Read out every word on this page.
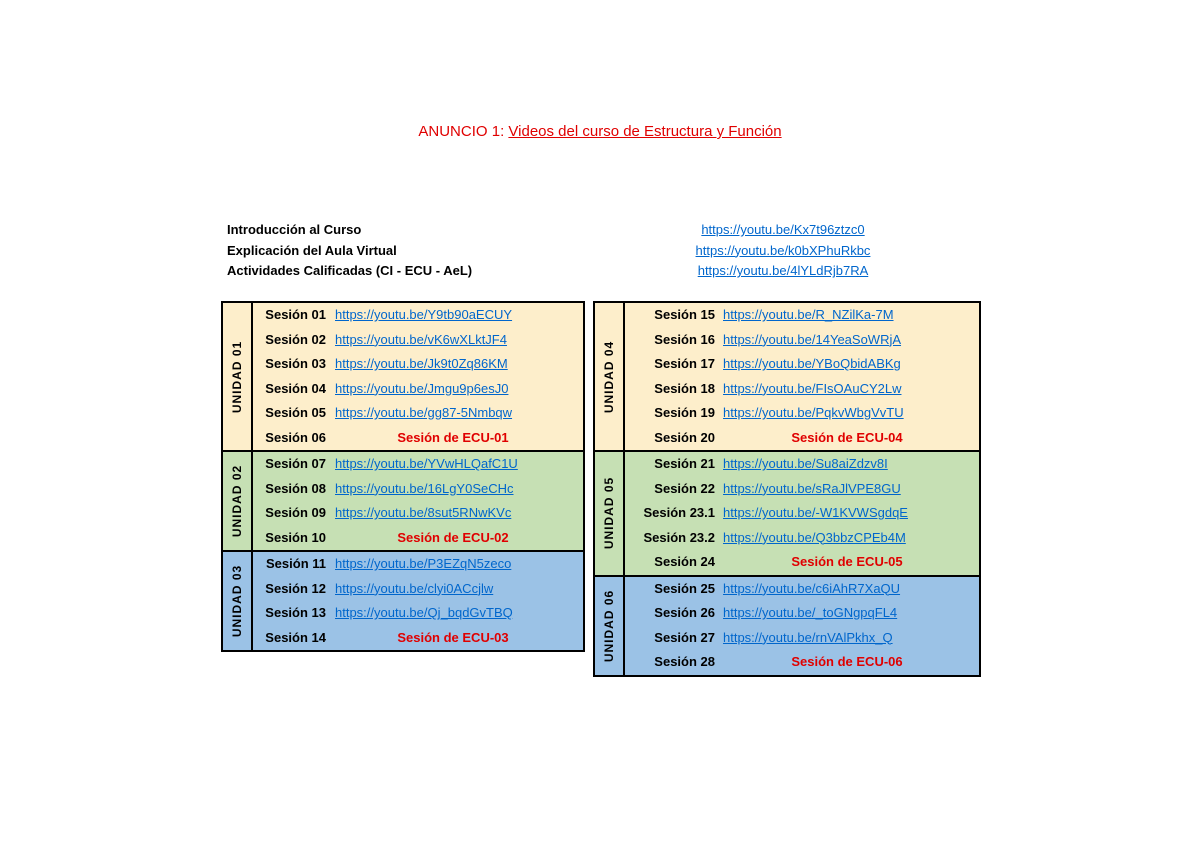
ANUNCIO 1: Videos del curso de Estructura y Función
Introducción al Curso	https://youtu.be/Kx7t96ztzc0
Explicación del Aula Virtual	https://youtu.be/k0bXPhuRkbc
Actividades Calificadas (CI - ECU - AeL)	https://youtu.be/4lYLdRjb7RA
UNIDAD 01
Sesión 01 https://youtu.be/Y9tb90aECUY
Sesión 02 https://youtu.be/vK6wXLktJF4
Sesión 03 https://youtu.be/Jk9t0Zq86KM
Sesión 04 https://youtu.be/Jmgu9p6esJ0
Sesión 05 https://youtu.be/gg87-5Nmbqw
Sesión 06	Sesión de ECU-01
UNIDAD 02
Sesión 07 https://youtu.be/YVwHLQafC1U
Sesión 08 https://youtu.be/16LgY0SeCHc
Sesión 09 https://youtu.be/8sut5RNwKVc
Sesión 10	Sesión de ECU-02
UNIDAD 03
Sesión 11 https://youtu.be/P3EZqN5zeco
Sesión 12 https://youtu.be/clyi0ACcjlw
Sesión 13 https://youtu.be/Qj_bqdGvTBQ
Sesión 14	Sesión de ECU-03
UNIDAD 04
Sesión 15 https://youtu.be/R_NZilKa-7M
Sesión 16 https://youtu.be/14YeaSoWRjA
Sesión 17 https://youtu.be/YBoQbidABKg
Sesión 18 https://youtu.be/FIsOAuCY2Lw
Sesión 19 https://youtu.be/PqkvWbgVvTU
Sesión 20	Sesión de ECU-04
UNIDAD 05
Sesión 21 https://youtu.be/Su8aiZdzv8I
Sesión 22 https://youtu.be/sRaJlVPE8GU
Sesión 23.1 https://youtu.be/-W1KVWSgdqE
Sesión 23.2 https://youtu.be/Q3bbzCPEb4M
Sesión 24	Sesión de ECU-05
UNIDAD 06
Sesión 25 https://youtu.be/c6iAhR7XaQU
Sesión 26 https://youtu.be/_toGNgpqFL4
Sesión 27 https://youtu.be/rnVAlPkhx_Q
Sesión 28	Sesión de ECU-06
